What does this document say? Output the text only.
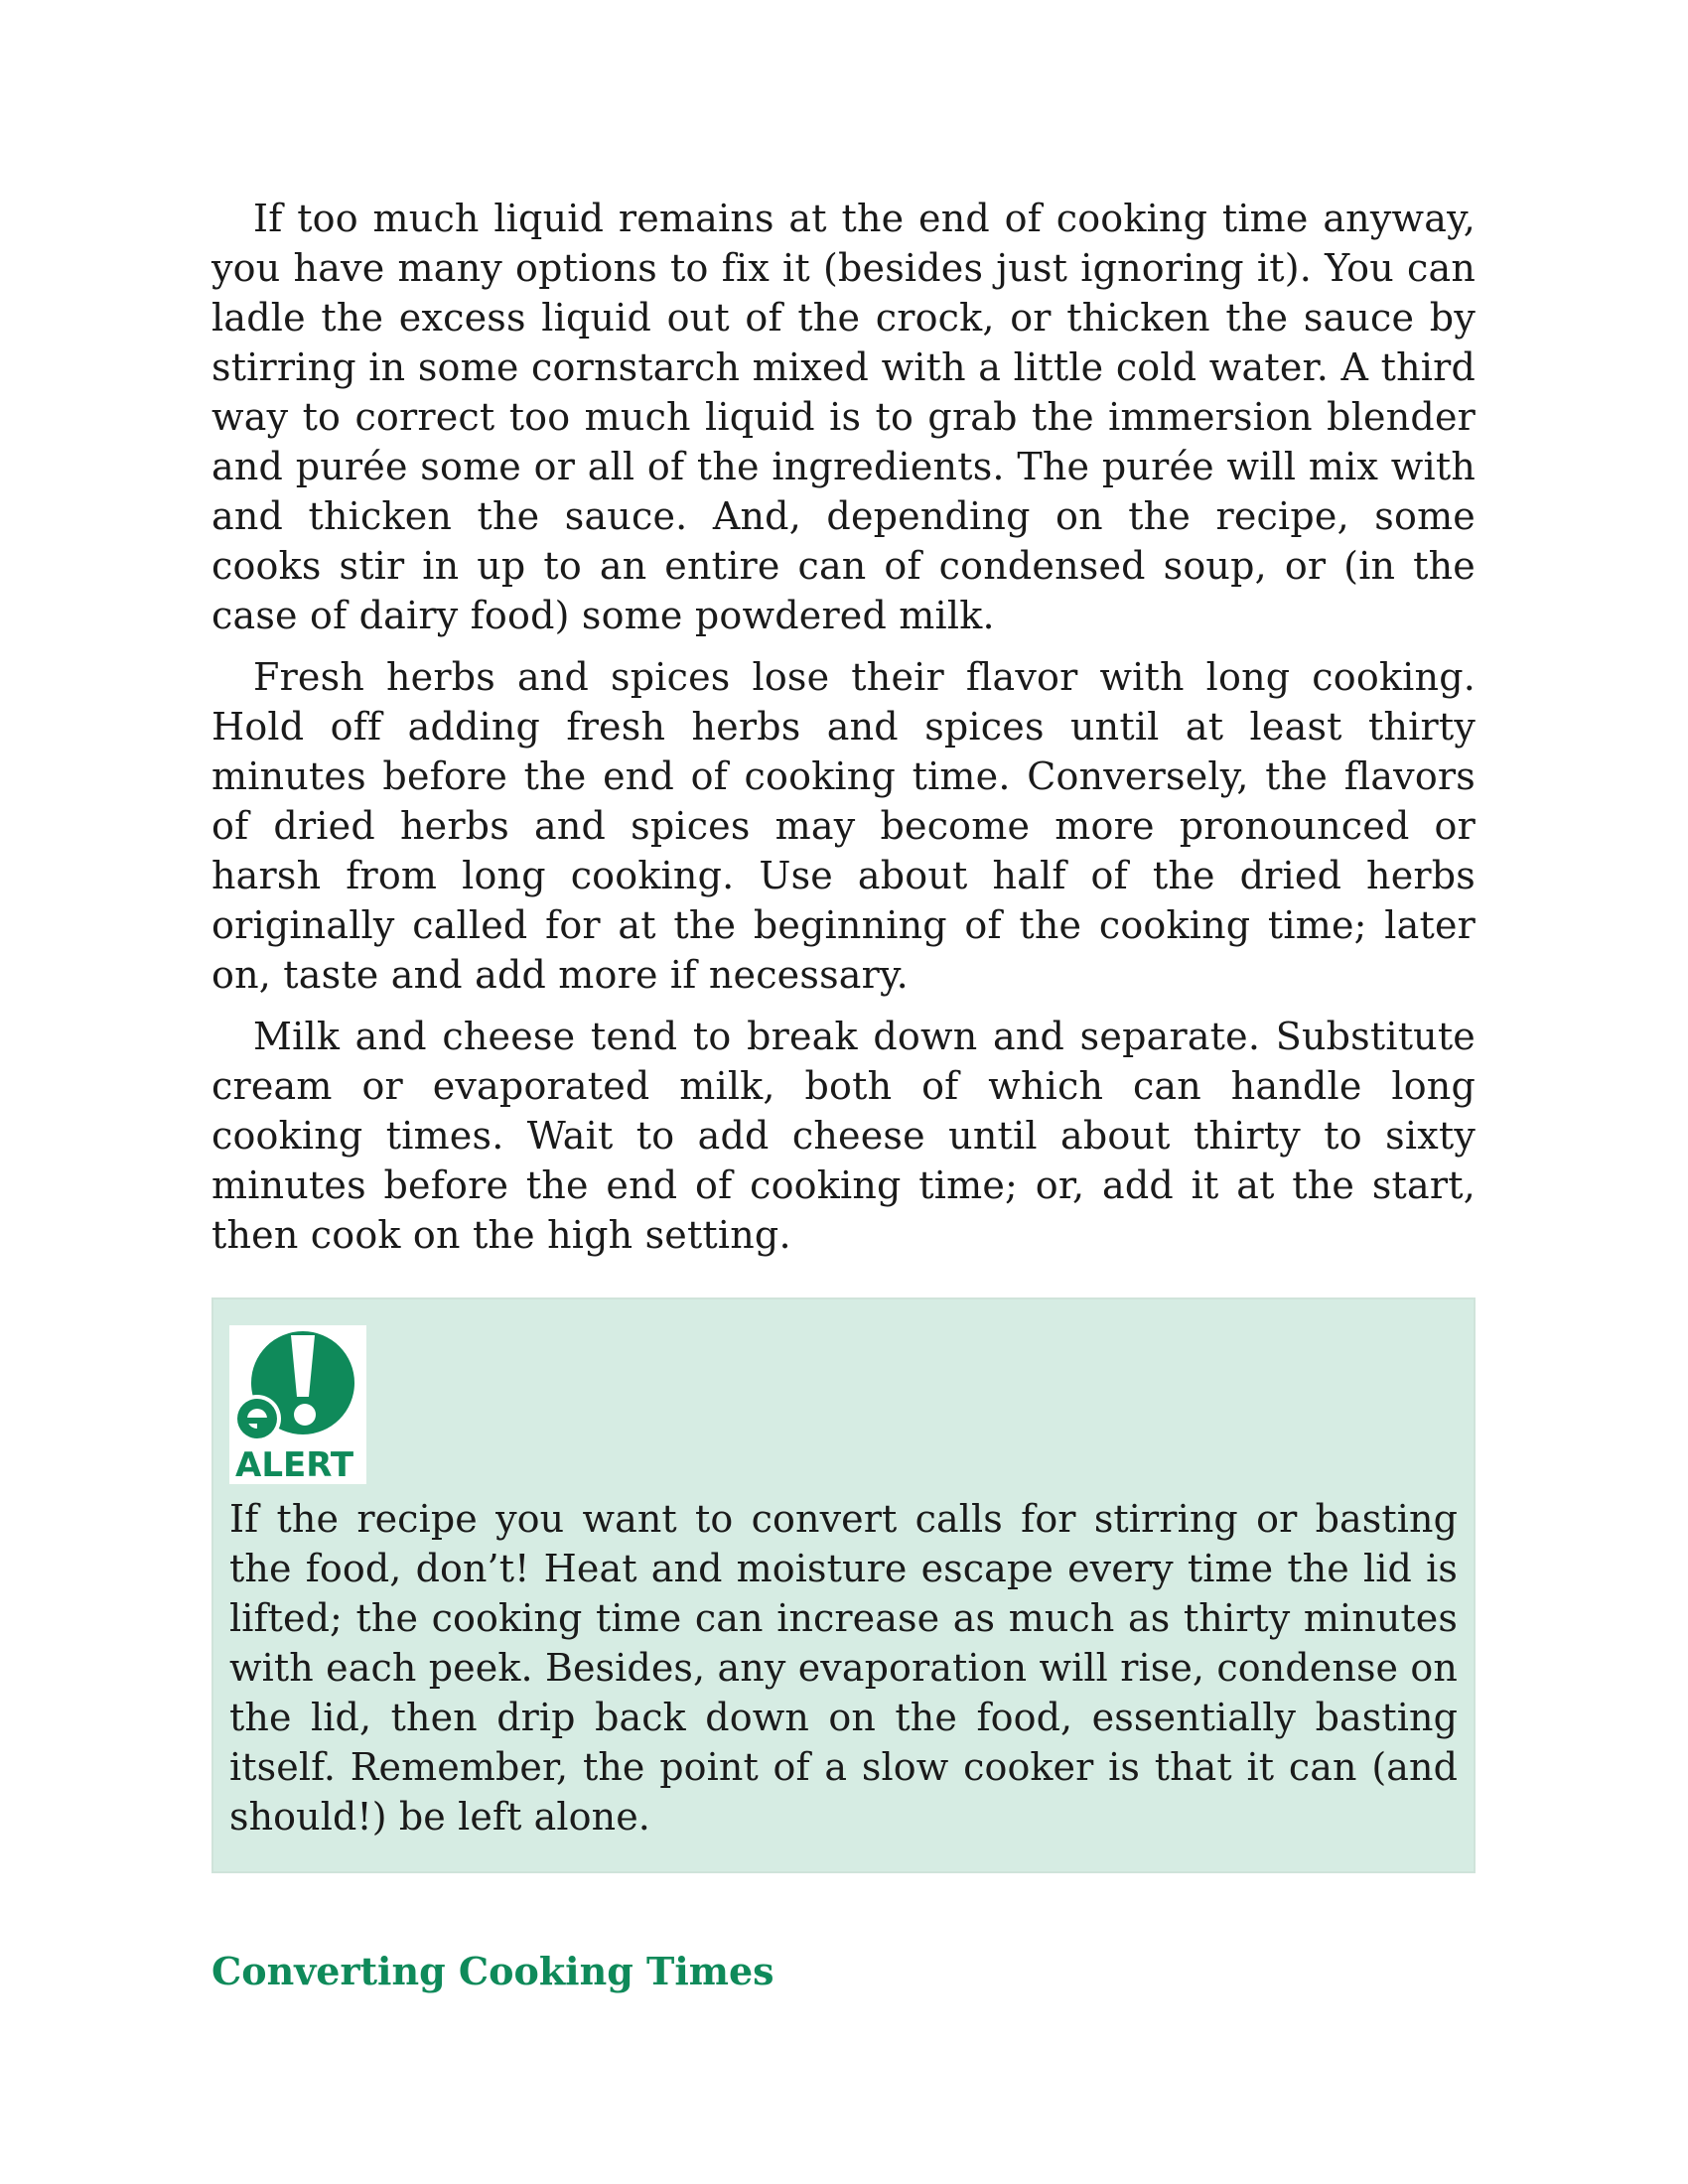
If too much liquid remains at the end of cooking time anyway, you have many options to fix it (besides just ignoring it). You can ladle the excess liquid out of the crock, or thicken the sauce by stirring in some cornstarch mixed with a little cold water. A third way to correct too much liquid is to grab the immersion blender and purée some or all of the ingredients. The purée will mix with and thicken the sauce. And, depending on the recipe, some cooks stir in up to an entire can of condensed soup, or (in the case of dairy food) some powdered milk.

Fresh herbs and spices lose their flavor with long cooking. Hold off adding fresh herbs and spices until at least thirty minutes before the end of cooking time. Conversely, the flavors of dried herbs and spices may become more pronounced or harsh from long cooking. Use about half of the dried herbs originally called for at the beginning of the cooking time; later on, taste and add more if necessary.

Milk and cheese tend to break down and separate. Substitute cream or evaporated milk, both of which can handle long cooking times. Wait to add cheese until about thirty to sixty minutes before the end of cooking time; or, add it at the start, then cook on the high setting.

ALERT

If the recipe you want to convert calls for stirring or basting the food, don’t! Heat and moisture escape every time the lid is lifted; the cooking time can increase as much as thirty minutes with each peek. Besides, any evaporation will rise, condense on the lid, then drip back down on the food, essentially basting itself. Remember, the point of a slow cooker is that it can (and should!) be left alone.

Converting Cooking Times
